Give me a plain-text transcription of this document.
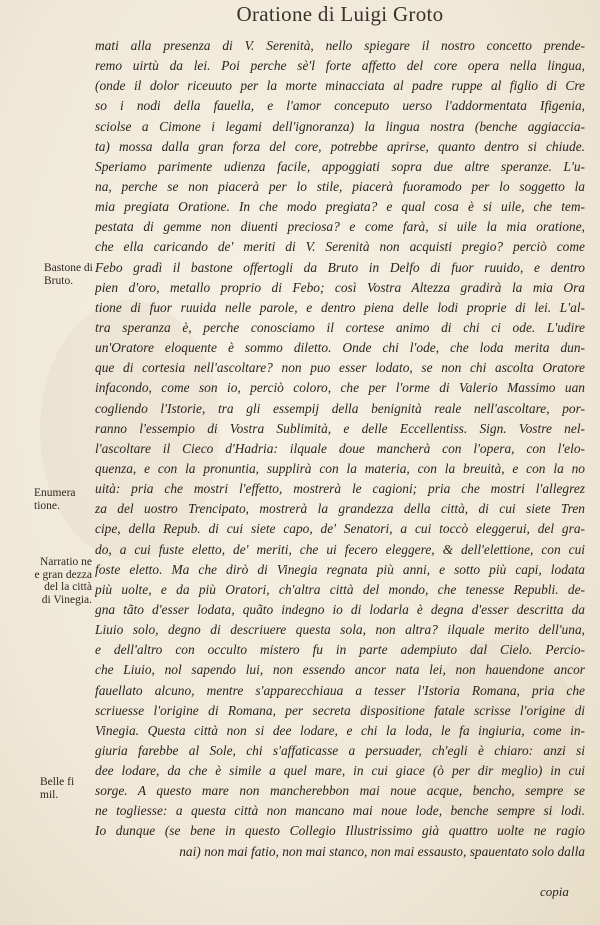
Oratione di Luigi Groto
mati alla presenza di V. Serenità, nello spiegare il nostro concetto prende-
remo uirtù da lei. Poi perche sè'l forte affetto del core opera nella lingua,
(onde il dolor riceuuto per la morte minacciata al padre ruppe al figlio di Cre
so i nodi della fauella, e l'amor conceputo uerso l'addormentata Ifigenia,
sciolse a Cimone i legami dell'ignoranza) la lingua nostra (benche aggiaccia-
ta) mossa dalla gran forza del core, potrebbe aprirse, quanto dentro si chiude.
Speriamo parimente udienza facile, appoggiati sopra due altre speranze. L'u-
na, perche se non piacerà per lo stile, piacerà fuoramodo per lo soggetto la
mia pregiata Oratione. In che modo pregiata? e qual cosa è si uile, che tem-
pestata di gemme non diuenti preciosa? e come farà, si uile la mia oratione,
che ella caricando de' meriti di V. Serenità non acquisti pregio? perciò come
Febo gradì il bastone offertogli da Bruto in Delfo di fuor ruuido, e dentro
pien d'oro, metallo proprio di Febo; così Vostra Altezza gradirà la mia Ora
tione di fuor ruuida nelle parole, e dentro piena delle lodi proprie di lei. L'al-
tra speranza è, perche conosciamo il cortese animo di chi ci ode. L'udire
un'Oratore eloquente è sommo diletto. Onde chi l'ode, che loda merita dun-
que di cortesia nell'ascoltare? non puo esser lodato, se non chi ascolta Oratore
infacondo, come son io, perciò coloro, che per l'orme di Valerio Massimo uan
cogliendo l'Istorie, tra gli essempij della benignità reale nell'ascoltare, por-
ranno l'essempio di Vostra Sublimità, e delle Eccellentiss. Sign. Vostre nel-
l'ascoltare il Cieco d'Hadria: ilquale doue mancherà con l'opera, con l'elo-
quenza, e con la pronuntia, supplirà con la materia, con la breuità, e con la no
uità: pria che mostri l'effetto, mostrerà le cagioni; pria che mostri l'allegrez
za del uostro Trencipato, mostrerà la grandezza della città, di cui siete Tren
cipe, della Repub. di cui siete capo, de' Senatori, a cui toccò eleggerui, del gra-
do, a cui fuste eletto, de' meriti, che ui fecero eleggere, & dell'elettione, con cui
foste eletto. Ma che dirò di Vinegia regnata più anni, e sotto più capi, lodata
più uolte, e da più Oratori, ch'altra città del mondo, che tenesse Republi. de-
gna tãto d'esser lodata, quãto indegno io di lodarla è degna d'esser descritta da
Liuio solo, degno di descriuere questa sola, non altra? ilquale merito dell'una,
e dell'altro con occulto mistero fu in parte adempiuto dal Cielo. Percio-
che Liuio, nol sapendo lui, non essendo ancor nata lei, non hauendone ancor
fauellato alcuno, mentre s'apparecchiaua a tesser l'Istoria Romana, pria che
scriuesse l'origine di Romana, per secreta dispositione fatale scrisse l'origine di
Vinegia. Questa città non si dee lodare, e chi la loda, le fa ingiuria, come in-
giuria farebbe al Sole, chi s'affaticasse a persuader, ch'egli è chiaro: anzi si
dee lodare, da che è simile a quel mare, in cui giace (ò per dir meglio) in cui
sorge. A questo mare non mancherebbon mai noue acque, bencho, sempre se
ne togliesse: a questa città non mancano mai noue lode, benche sempre si lodi.
Io dunque (se bene in questo Collegio Illustrissimo già quattro uolte ne ragio
nai) non mai fatio, non mai stanco, non mai essausto, spauentato solo dalla
Bastone di Bruto.
Enumera tione.
Narratio ne e gran dezza del la città di Vinegia.
Belle fi mil.
copia
